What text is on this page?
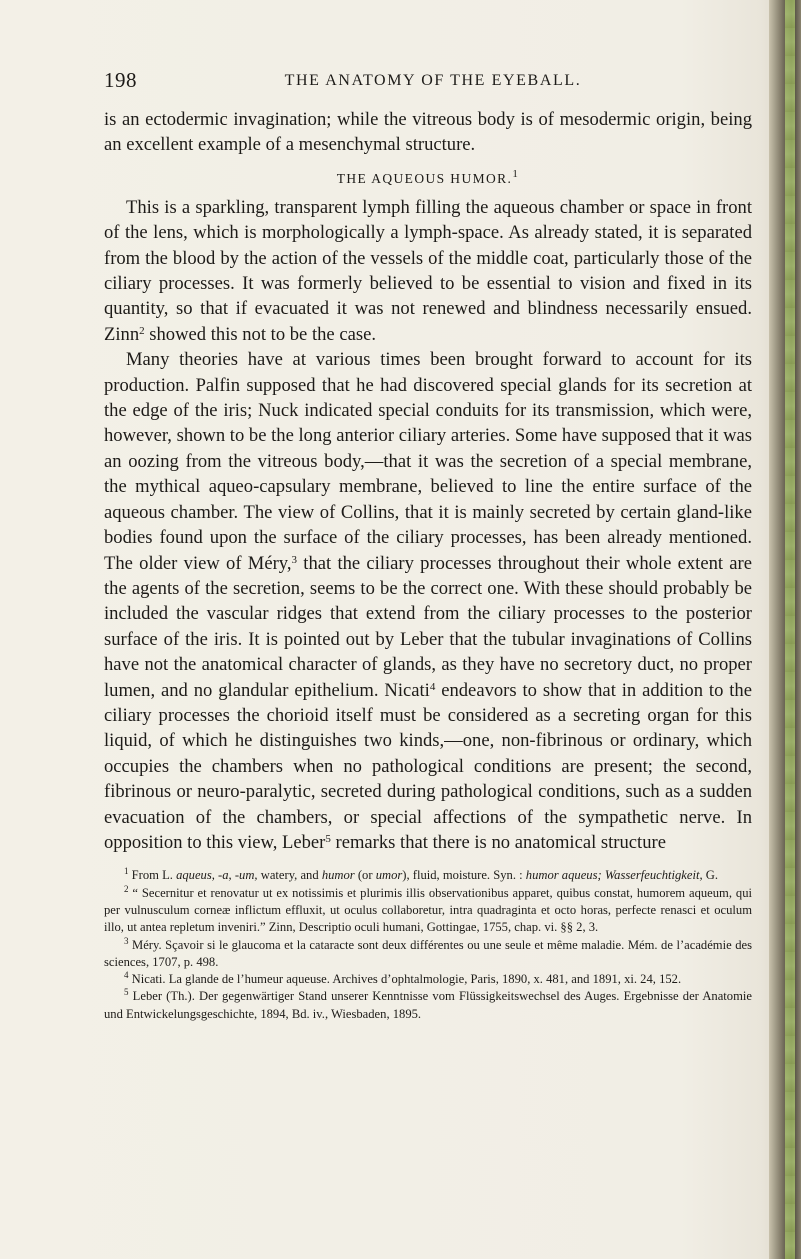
198	THE ANATOMY OF THE EYEBALL.

is an ectodermic invagination; while the vitreous body is of mesodermic origin, being an excellent example of a mesenchymal structure.

THE AQUEOUS HUMOR.$^1$

This is a sparkling, transparent lymph filling the aqueous chamber or space in front of the lens, which is morphologically a lymph-space. As already stated, it is separated from the blood by the action of the vessels of the middle coat, particularly those of the ciliary processes. It was formerly believed to be essential to vision and fixed in its quantity, so that if evacuated it was not renewed and blindness necessarily ensued. Zinn$^2$ showed this not to be the case.

Many theories have at various times been brought forward to account for its production. Palfin supposed that he had discovered special glands for its secretion at the edge of the iris; Nuck indicated special conduits for its transmission, which were, however, shown to be the long anterior ciliary arteries. Some have supposed that it was an oozing from the vitreous body,—that it was the secretion of a special membrane, the mythical aqueo-capsulary membrane, believed to line the entire surface of the aqueous chamber. The view of Collins, that it is mainly secreted by certain gland-like bodies found upon the surface of the ciliary processes, has been already mentioned. The older view of Méry,$^3$ that the ciliary processes throughout their whole extent are the agents of the secretion, seems to be the correct one. With these should probably be included the vascular ridges that extend from the ciliary processes to the posterior surface of the iris. It is pointed out by Leber that the tubular invaginations of Collins have not the anatomical character of glands, as they have no secretory duct, no proper lumen, and no glandular epithelium. Nicati$^4$ endeavors to show that in addition to the ciliary processes the chorioid itself must be considered as a secreting organ for this liquid, of which he distinguishes two kinds,—one, non-fibrinous or ordinary, which occupies the chambers when no pathological conditions are present; the second, fibrinous or neuro-paralytic, secreted during pathological conditions, such as a sudden evacuation of the chambers, or special affections of the sympathetic nerve. In opposition to this view, Leber$^5$ remarks that there is no anatomical structure

$^1$ From L. aqueus, -a, -um, watery, and humor (or umor), fluid, moisture. Syn. : humor aqueus; Wasserfeuchtigkeit, G.

$^2$ “ Secernitur et renovatur ut ex notissimis et plurimis illis observationibus apparet, quibus constat, humorem aqueum, qui per vulnusculum corneæ inflictum effluxit, ut oculus collaboretur, intra quadraginta et octo horas, perfecte renasci et oculum illo, ut antea repletum inveniri.” Zinn, Descriptio oculi humani, Gottingae, 1755, chap. vi. §§ 2, 3.

$^3$ Méry. Sçavoir si le glaucoma et la cataracte sont deux différentes ou une seule et même maladie. Mém. de l’académie des sciences, 1707, p. 498.

$^4$ Nicati. La glande de l’humeur aqueuse. Archives d’ophtalmologie, Paris, 1890, x. 481, and 1891, xi. 24, 152.

$^5$ Leber (Th.). Der gegenwärtiger Stand unserer Kenntnisse vom Flüssigkeitswechsel des Auges. Ergebnisse der Anatomie und Entwickelungsgeschichte, 1894, Bd. iv., Wiesbaden, 1895.
